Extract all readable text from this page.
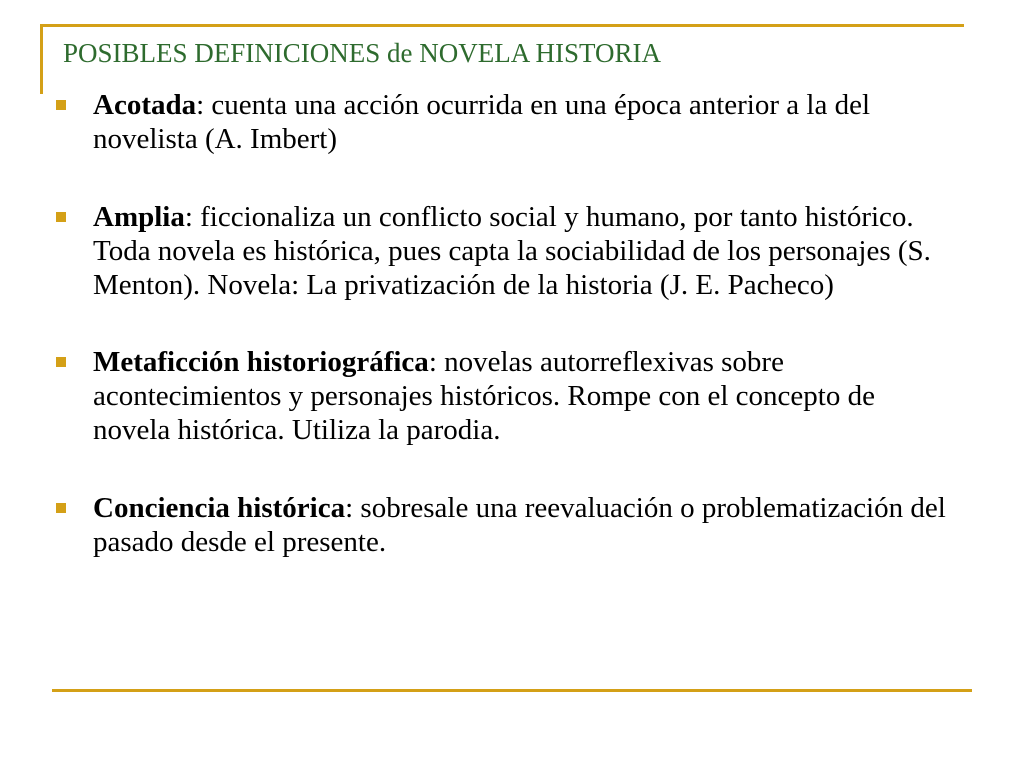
POSIBLES DEFINICIONES de NOVELA HISTORIA
Acotada: cuenta una acción ocurrida en una época anterior a la del novelista (A. Imbert)
Amplia: ficcionaliza un conflicto social y humano, por tanto histórico. Toda novela es histórica, pues capta la sociabilidad de los personajes (S. Menton). Novela: La privatización de la historia (J. E. Pacheco)
Metaficción historiográfica: novelas autorreflexivas sobre acontecimientos y personajes históricos. Rompe con el concepto de novela histórica. Utiliza la parodia.
Conciencia histórica: sobresale una reevaluación o problematización del pasado desde el presente.
